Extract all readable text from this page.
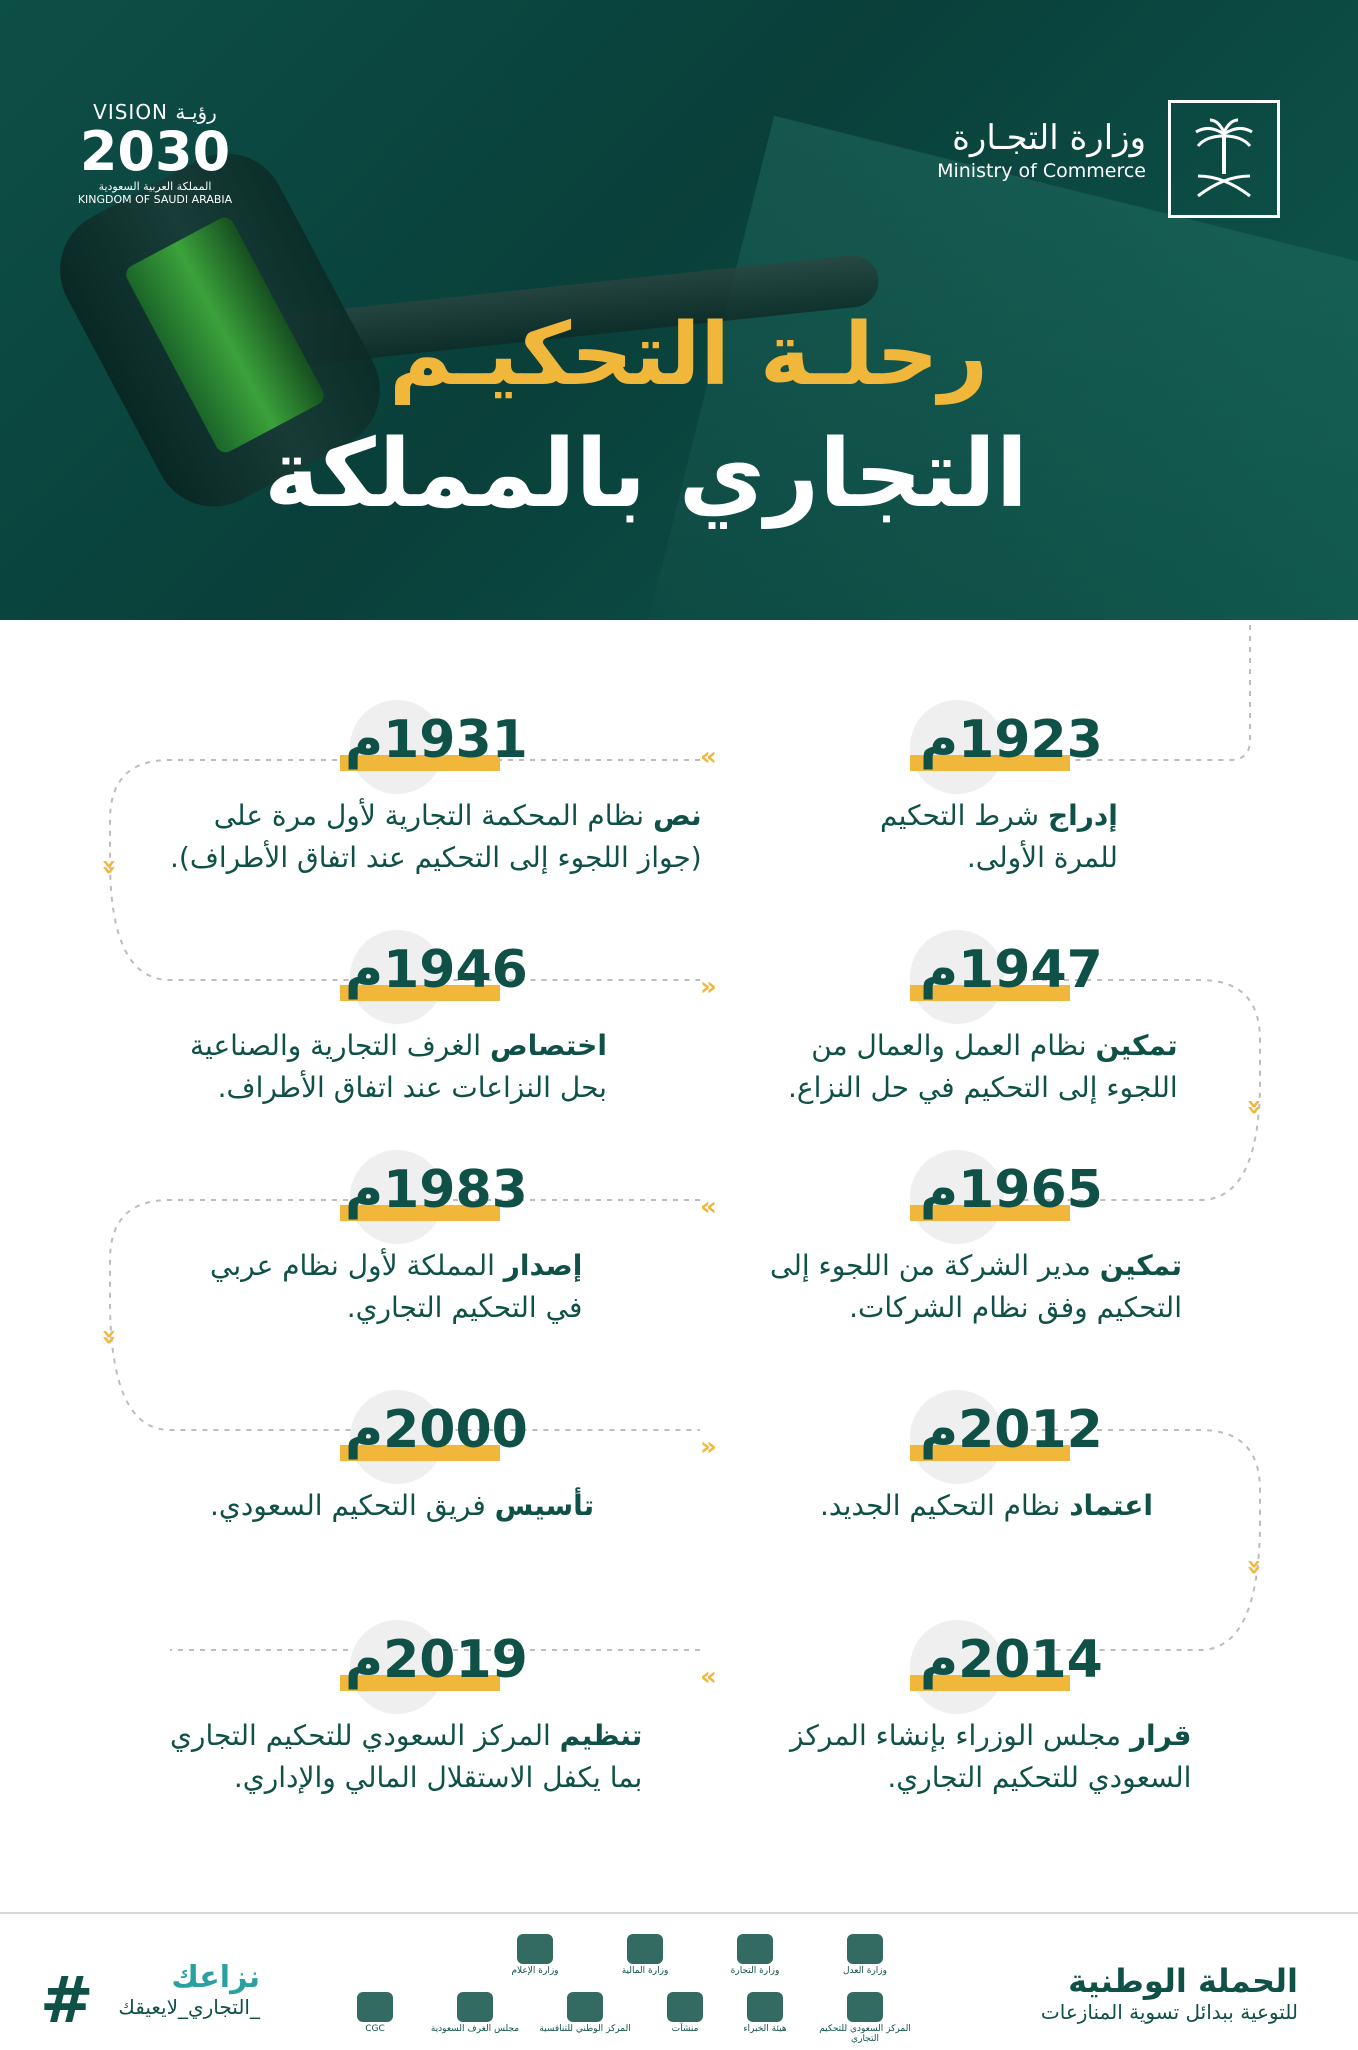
VISION رؤيـة
2030
المملكة العربية السعودية
KINGDOM OF SAUDI ARABIA
وزارة التجـارة
Ministry of Commerce
رحلـة التحكيـم
التجاري بالمملكة
«
«
»
«
«
«
»
«
«
1923م
إدراج شرط التحكيم
للمرة الأولى.
1931م
نص نظام المحكمة التجارية لأول مرة على
(جواز اللجوء إلى التحكيم عند اتفاق الأطراف).
1947م
تمكين نظام العمل والعمال من
اللجوء إلى التحكيم في حل النزاع.
1946م
اختصاص الغرف التجارية والصناعية
بحل النزاعات عند اتفاق الأطراف.
1965م
تمكين مدير الشركة من اللجوء إلى
التحكيم وفق نظام الشركات.
1983م
إصدار المملكة لأول نظام عربي
في التحكيم التجاري.
2012م
اعتماد نظام التحكيم الجديد.

2000م
تأسيس فريق التحكيم السعودي.

2014م
قرار مجلس الوزراء بإنشاء المركز
السعودي للتحكيم التجاري.
2019م
تنظيم المركز السعودي للتحكيم التجاري
بما يكفل الاستقلال المالي والإداري.
الحملة الوطنية
للتوعية ببدائل تسوية المنازعات
وزارة العدل
وزارة التجارة
وزارة المالية
وزارة الإعلام
المركز السعودي للتحكيم التجاري
هيئة الخبراء
منشآت
المركز الوطني للتنافسية
مجلس الغرف السعودية
CGC
#	نزاعك
_التجاري_لايعيقك
